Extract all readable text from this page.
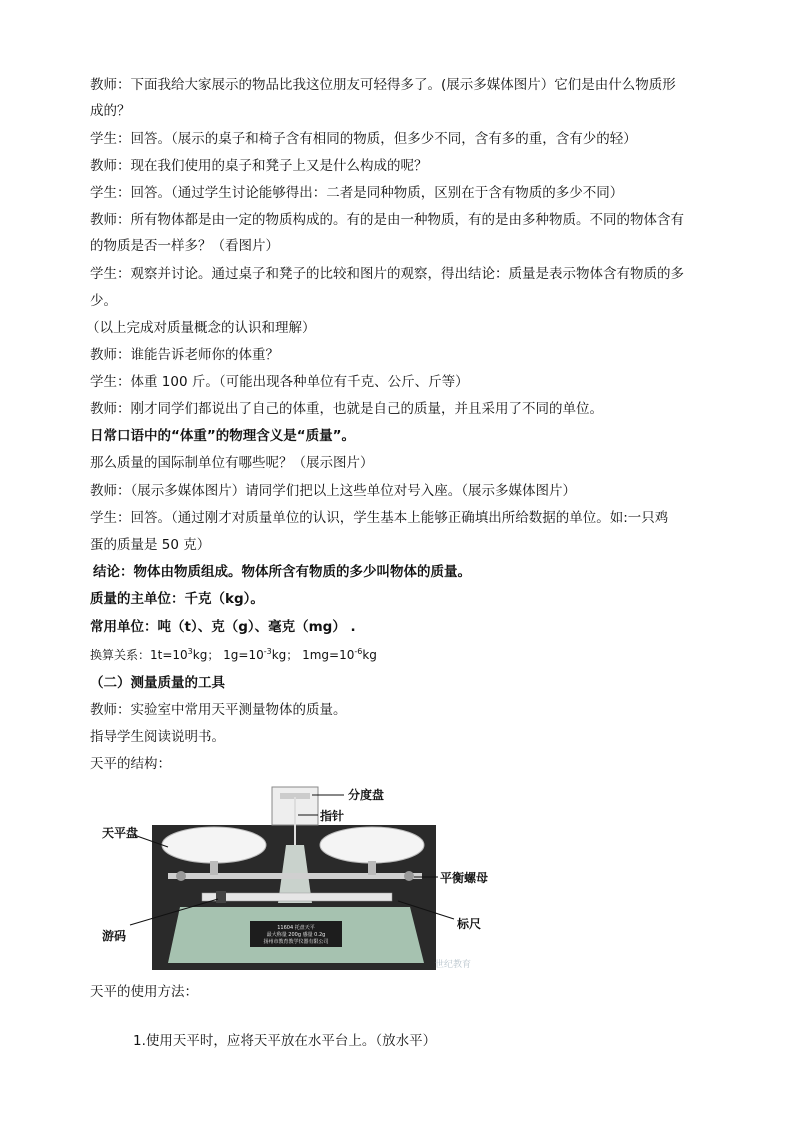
教师：下面我给大家展示的物品比我这位朋友可轻得多了。(展示多媒体图片）它们是由什么物质形
成的？
学生：回答。（展示的桌子和椅子含有相同的物质，但多少不同，含有多的重，含有少的轻）
教师：现在我们使用的桌子和凳子上又是什么构成的呢？
学生：回答。（通过学生讨论能够得出：二者是同种物质，区别在于含有物质的多少不同）
教师：所有物体都是由一定的物质构成的。有的是由一种物质，有的是由多种物质。不同的物体含有
的物质是否一样多？（看图片）
学生：观察并讨论。通过桌子和凳子的比较和图片的观察，得出结论：质量是表示物体含有物质的多
少。
（以上完成对质量概念的认识和理解）
教师：谁能告诉老师你的体重？
学生：体重 100 斤。（可能出现各种单位有千克、公斤、斤等）
教师：刚才同学们都说出了自己的体重，也就是自己的质量，并且采用了不同的单位。
日常口语中的“体重”的物理含义是“质量”。
那么质量的国际制单位有哪些呢？（展示图片）
教师：（展示多媒体图片）请同学们把以上这些单位对号入座。（展示多媒体图片）
学生：回答。（通过刚才对质量单位的认识，学生基本上能够正确填出所给数据的单位。如:一只鸡
蛋的质量是 50 克）
结论：物体由物质组成。物体所含有物质的多少叫物体的质量。
质量的主单位：千克（kg）。
常用单位：吨（t）、克（g）、毫克（mg） .
换算关系：$1t=10^3kg$； $1g=10^{-3}kg$； $1mg=10^{-6}kg$
（二）测量质量的工具
教师：实验室中常用天平测量物体的质量。
指导学生阅读说明书。
天平的结构：
11604 托盘天平
最大称量 200g 感量 0.2g
扬州市教育教学仪器有限公司
世纪教育
分度盘
指针
天平盘
平衡螺母
游码
标尺
天平的使用方法：
1.使用天平时，应将天平放在水平台上。（放水平）
